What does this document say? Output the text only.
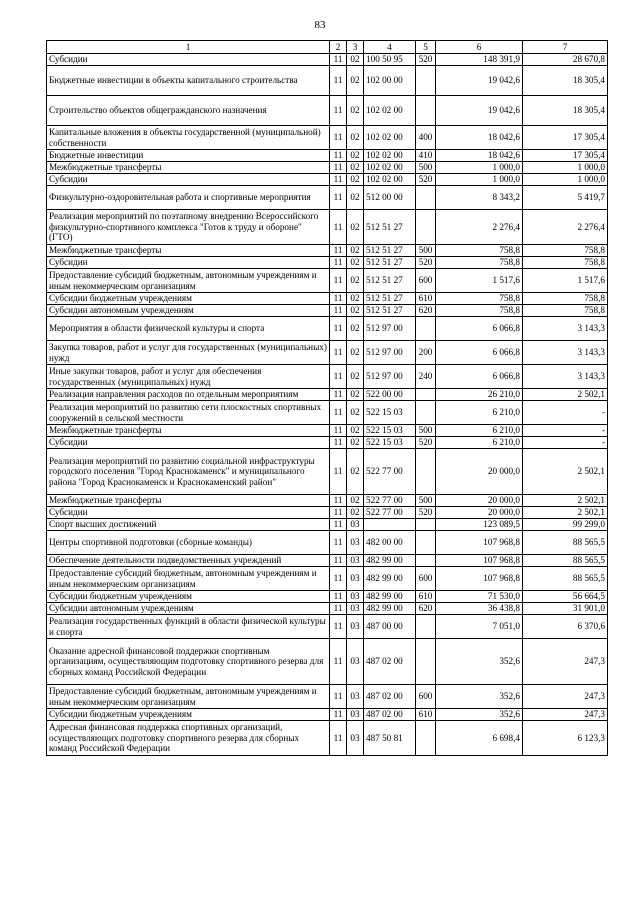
83
1	2	3	4	5	6	7
Субсидии	11	02	100 50 95	520	148 391,9	28 670,8
Бюджетные инвестиции в объекты капитального строительства	11	02	102 00 00		19 042,6	18 305,4
Строительство объектов общегражданского назначения	11	02	102 02 00		19 042,6	18 305,4
Капитальные вложения в объекты государственной (муниципальной) собственности	11	02	102 02 00	400	18 042,6	17 305,4
Бюджетные инвестиции	11	02	102 02 00	410	18 042,6	17 305,4
Межбюджетные трансферты	11	02	102 02 00	500	1 000,0	1 000,0
Субсидии	11	02	102 02 00	520	1 000,0	1 000,0
Физкультурно-оздоровительная работа и спортивные мероприятия	11	02	512 00 00		8 343,2	5 419,7
Реализация мероприятий по поэтапному внедрению Всероссийского физкультурно-спортивного комплекса "Готов к труду и обороне" (ГТО)	11	02	512 51 27		2 276,4	2 276,4
Межбюджетные трансферты	11	02	512 51 27	500	758,8	758,8
Субсидии	11	02	512 51 27	520	758,8	758,8
Предоставление субсидий бюджетным, автономным учреждениям и иным некоммерческим организациям	11	02	512 51 27	600	1 517,6	1 517,6
Субсидии бюджетным учреждениям	11	02	512 51 27	610	758,8	758,8
Субсидии автономным учреждениям	11	02	512 51 27	620	758,8	758,8
Мероприятия в области физической культуры и спорта	11	02	512 97 00		6 066,8	3 143,3
Закупка товаров, работ и услуг для государственных (муниципальных) нужд	11	02	512 97 00	200	6 066,8	3 143,3
Иные закупки товаров, работ и услуг для обеспечения государственных (муниципальных) нужд	11	02	512 97 00	240	6 066,8	3 143,3
Реализация направления расходов по отдельным мероприятиям	11	02	522 00 00		26 210,0	2 502,1
Реализация мероприятий по развитию сети плоскостных спортивных сооружений в сельской местности	11	02	522 15 03		6 210,0	-
Межбюджетные трансферты	11	02	522 15 03	500	6 210,0	-
Субсидии	11	02	522 15 03	520	6 210,0	-
Реализация мероприятий по развитию социальной инфраструктуры городского поселения "Город Краснокаменск" и муниципального района "Город Краснокаменск и Краснокаменский район"	11	02	522 77 00		20 000,0	2 502,1
Межбюджетные трансферты	11	02	522 77 00	500	20 000,0	2 502,1
Субсидии	11	02	522 77 00	520	20 000,0	2 502,1
Спорт высших достижений	11	03			123 089,5	99 299,0
Центры спортивной подготовки (сборные команды)	11	03	482 00 00		107 968,8	88 565,5
Обеспечение деятельности подведомственных учреждений	11	03	482 99 00		107 968,8	88 565,5
Предоставление субсидий бюджетным, автономным учреждениям и иным некоммерческим организациям	11	03	482 99 00	600	107 968,8	88 565,5
Субсидии бюджетным учреждениям	11	03	482 99 00	610	71 530,0	56 664,5
Субсидии автономным учреждениям	11	03	482 99 00	620	36 438,8	31 901,0
Реализация государственных функций в области физической культуры и спорта	11	03	487 00 00		7 051,0	6 370,6
Оказание адресной финансовой поддержки спортивным организациям, осуществляющим подготовку спортивного резерва для сборных команд Российской Федерации	11	03	487 02 00		352,6	247,3
Предоставление субсидий бюджетным, автономным учреждениям и иным некоммерческим организациям	11	03	487 02 00	600	352,6	247,3
Субсидии бюджетным учреждениям	11	03	487 02 00	610	352,6	247,3
Адресная финансовая поддержка спортивных организаций, осуществляющих подготовку спортивного резерва для сборных команд Российской Федерации	11	03	487 50 81		6 698,4	6 123,3
